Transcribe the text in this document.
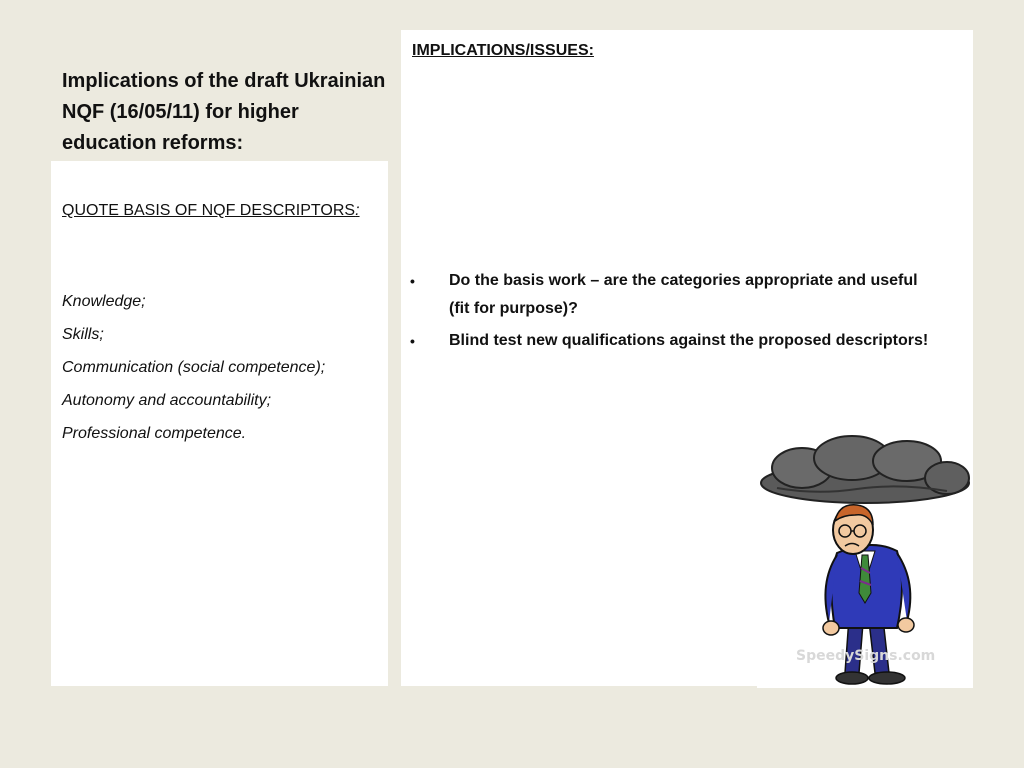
Implications of the draft Ukrainian NQF (16/05/11) for higher education reforms:
QUOTE BASIS OF NQF DESCRIPTORS:
Knowledge;
Skills;
Communication (social competence);
Autonomy and accountability;
Professional competence.
IMPLICATIONS/ISSUES:
• Do the basis work – are the categories appropriate and useful (fit for purpose)?
• Blind test new qualifications against the proposed descriptors!
SpeedySigns.com
